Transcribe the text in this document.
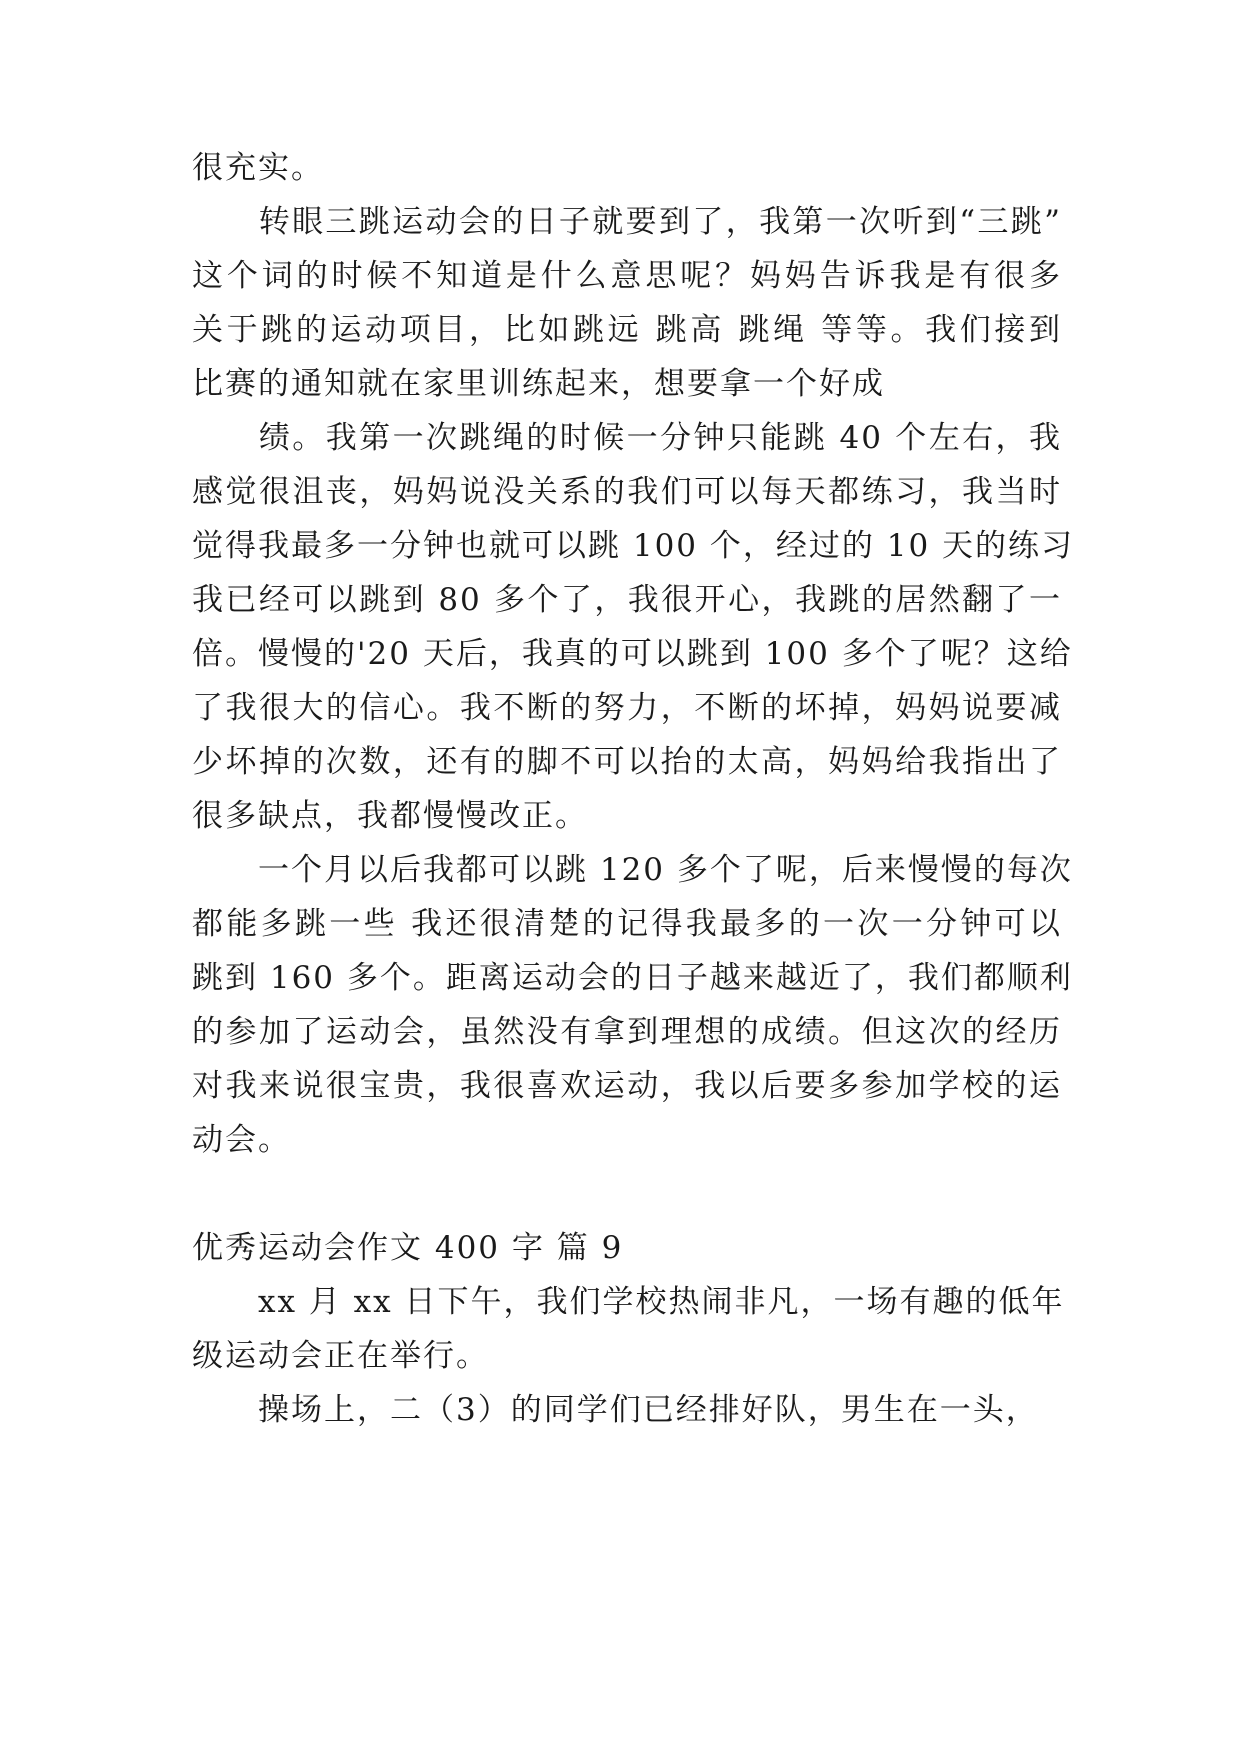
很充实。

　　转眼三跳运动会的日子就要到了，我第一次听到“三跳”

这个词的时候不知道是什么意思呢？妈妈告诉我是有很多

关于跳的运动项目，比如跳远 跳高 跳绳 等等。我们接到

比赛的通知就在家里训练起来，想要拿一个好成

　　绩。我第一次跳绳的时候一分钟只能跳 40 个左右，我

感觉很沮丧，妈妈说没关系的我们可以每天都练习，我当时

觉得我最多一分钟也就可以跳 100 个，经过的 10 天的练习

我已经可以跳到 80 多个了，我很开心，我跳的居然翻了一

倍。慢慢的'20 天后，我真的可以跳到 100 多个了呢？这给

了我很大的信心。我不断的努力，不断的坏掉，妈妈说要减

少坏掉的次数，还有的脚不可以抬的太高，妈妈给我指出了

很多缺点，我都慢慢改正。

　　一个月以后我都可以跳 120 多个了呢，后来慢慢的每次

都能多跳一些 我还很清楚的记得我最多的一次一分钟可以

跳到 160 多个。距离运动会的日子越来越近了，我们都顺利

的参加了运动会，虽然没有拿到理想的成绩。但这次的经历

对我来说很宝贵，我很喜欢运动，我以后要多参加学校的运

动会。

优秀运动会作文 400 字 篇 9

　　xx 月 xx 日下午，我们学校热闹非凡，一场有趣的低年

级运动会正在举行。

　　操场上，二（3）的同学们已经排好队，男生在一头，
